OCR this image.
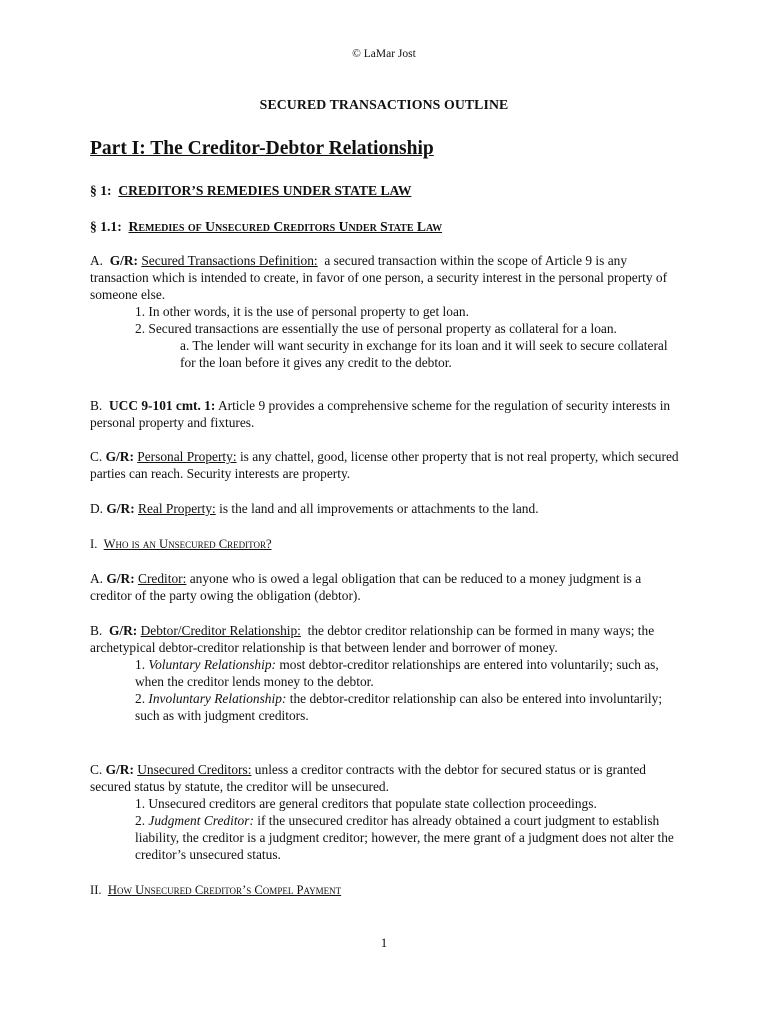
© LaMar Jost

SECURED TRANSACTIONS OUTLINE

Part I: The Creditor-Debtor Relationship

§ 1: CREDITOR’S REMEDIES UNDER STATE LAW

§ 1.1: Remedies of Unsecured Creditors Under State Law

A. G/R: Secured Transactions Definition: a secured transaction within the scope of Article 9 is any transaction which is intended to create, in favor of one person, a security interest in the personal property of someone else.
1. In other words, it is the use of personal property to get loan.
2. Secured transactions are essentially the use of personal property as collateral for a loan.
a. The lender will want security in exchange for its loan and it will seek to secure collateral for the loan before it gives any credit to the debtor.
B. UCC 9-101 cmt. 1: Article 9 provides a comprehensive scheme for the regulation of security interests in personal property and fixtures.
C. G/R: Personal Property: is any chattel, good, license other property that is not real property, which secured parties can reach. Security interests are property.
D. G/R: Real Property: is the land and all improvements or attachments to the land.

I. Who is an Unsecured Creditor?

A. G/R: Creditor: anyone who is owed a legal obligation that can be reduced to a money judgment is a creditor of the party owing the obligation (debtor).
B. G/R: Debtor/Creditor Relationship: the debtor creditor relationship can be formed in many ways; the archetypical debtor-creditor relationship is that between lender and borrower of money.
1. Voluntary Relationship: most debtor-creditor relationships are entered into voluntarily; such as, when the creditor lends money to the debtor.
2. Involuntary Relationship: the debtor-creditor relationship can also be entered into involuntarily; such as with judgment creditors.
C. G/R: Unsecured Creditors: unless a creditor contracts with the debtor for secured status or is granted secured status by statute, the creditor will be unsecured.
1. Unsecured creditors are general creditors that populate state collection proceedings.
2. Judgment Creditor: if the unsecured creditor has already obtained a court judgment to establish liability, the creditor is a judgment creditor; however, the mere grant of a judgment does not alter the creditor’s unsecured status.

II. How Unsecured Creditor’s Compel Payment

1
